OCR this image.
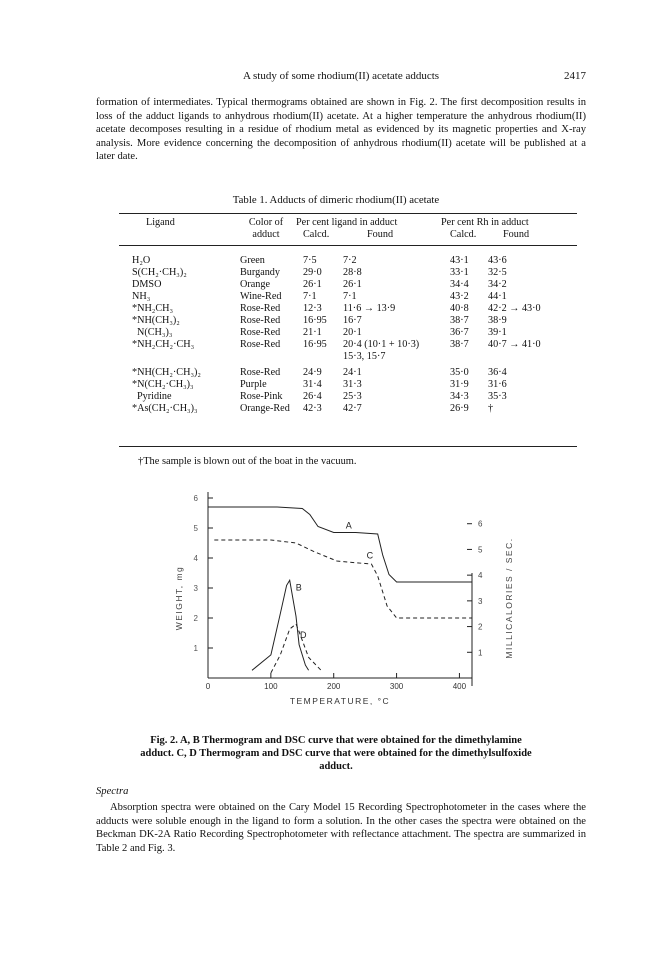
A study of some rhodium(II) acetate adducts	2417
formation of intermediates. Typical thermograms obtained are shown in Fig. 2. The first decomposition results in loss of the adduct ligands to anhydrous rhodium(II) acetate. At a higher temperature the anhydrous rhodium(II) acetate decomposes resulting in a residue of rhodium metal as evidenced by its magnetic properties and X-ray analysis. More evidence concerning the decomposition of anhydrous rhodium(II) acetate will be published at a later date.
Table 1. Adducts of dimeric rhodium(II) acetate
Ligand	Color of
adduct
Per cent ligand in adduct
Calcd.	Found
Per cent Rh in adduct
Calcd.	Found
H₂O	Green	7·5	7·2	43·1 43·6
S(CH₂·CH₃)₂	Burgandy 29·0 28·8	33·1 32·5
DMSO	Orange	26·1 26·1	34·4 34·2
NH₃	Wine-Red 7·1	7·1	43·2 44·1
*NH₂CH₃	Rose-Red 12·3 11·6 → 13·9	40·8 42·2 → 43·0
*NH(CH₃)₂	Rose-Red 16·95 16·7	38·7 38·9
N(CH₃)₃	Rose-Red 21·1 20·1	36·7 39·1
*NH₂CH₂·CH₃	Rose-Red 16·95 20·4 (10·1 + 10·3)	38·7 40·7 → 41·0
15·3, 15·7
*NH(CH₂·CH₃)₂	Rose-Red 24·9 24·1	35·0 36·4
*N(CH₂·CH₃)₃	Purple	31·4 31·3	31·9 31·6
Pyridine	Rose-Pink 26·4 25·3	34·3 35·3
*As(CH₂·CH₃)₃	Orange-Red 42·3 42·7	26·9 †
†The sample is blown out of the boat in the vacuum.
0	100	200	300	400
1
2
3
4
5
6
1
2
3
4
5
6
A
C
B
D
TEMPERATURE, °C
WEIGHT, mg	MILLICALORIES / SEC.
Fig. 2. A, B Thermogram and DSC curve that were obtained for the dimethylamine
adduct. C, D Thermogram and DSC curve that were obtained for the dimethylsulfoxide
adduct.
Spectra
Absorption spectra were obtained on the Cary Model 15 Recording Spectrophotometer in the cases where the adducts were soluble enough in the ligand to form a solution. In the other cases the spectra were obtained on the Beckman DK-2A Ratio Recording Spectrophotometer with reflectance attachment. The spectra are summarized in Table 2 and Fig. 3.
